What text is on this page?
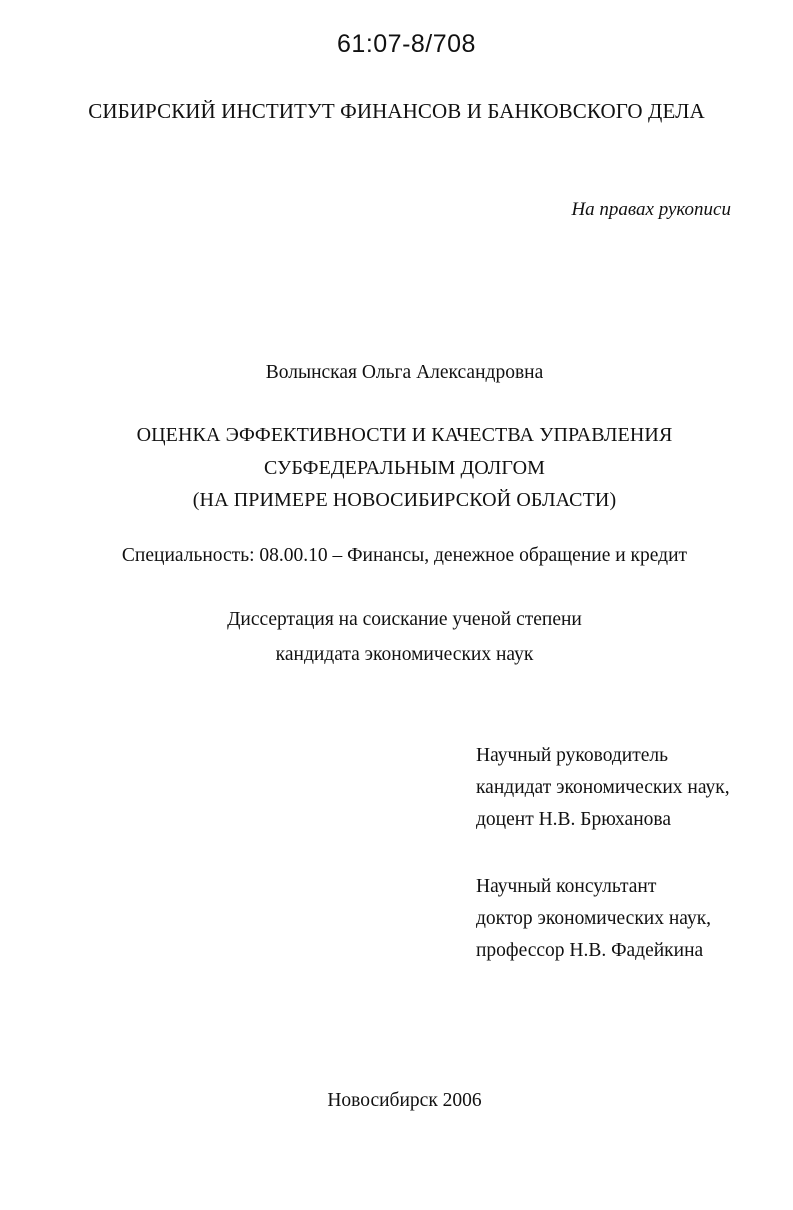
61:07-8/708
СИБИРСКИЙ ИНСТИТУТ ФИНАНСОВ И БАНКОВСКОГО ДЕЛА
На правах рукописи
Волынская Ольга Александровна
ОЦЕНКА ЭФФЕКТИВНОСТИ И КАЧЕСТВА УПРАВЛЕНИЯ
СУБФЕДЕРАЛЬНЫМ ДОЛГОМ
(НА ПРИМЕРЕ НОВОСИБИРСКОЙ ОБЛАСТИ)
Специальность: 08.00.10 – Финансы, денежное обращение и кредит
Диссертация на соискание ученой степени
кандидата экономических наук
Научный руководитель
кандидат экономических наук,
доцент Н.В. Брюханова
Научный консультант
доктор экономических наук,
профессор Н.В. Фадейкина
Новосибирск 2006
